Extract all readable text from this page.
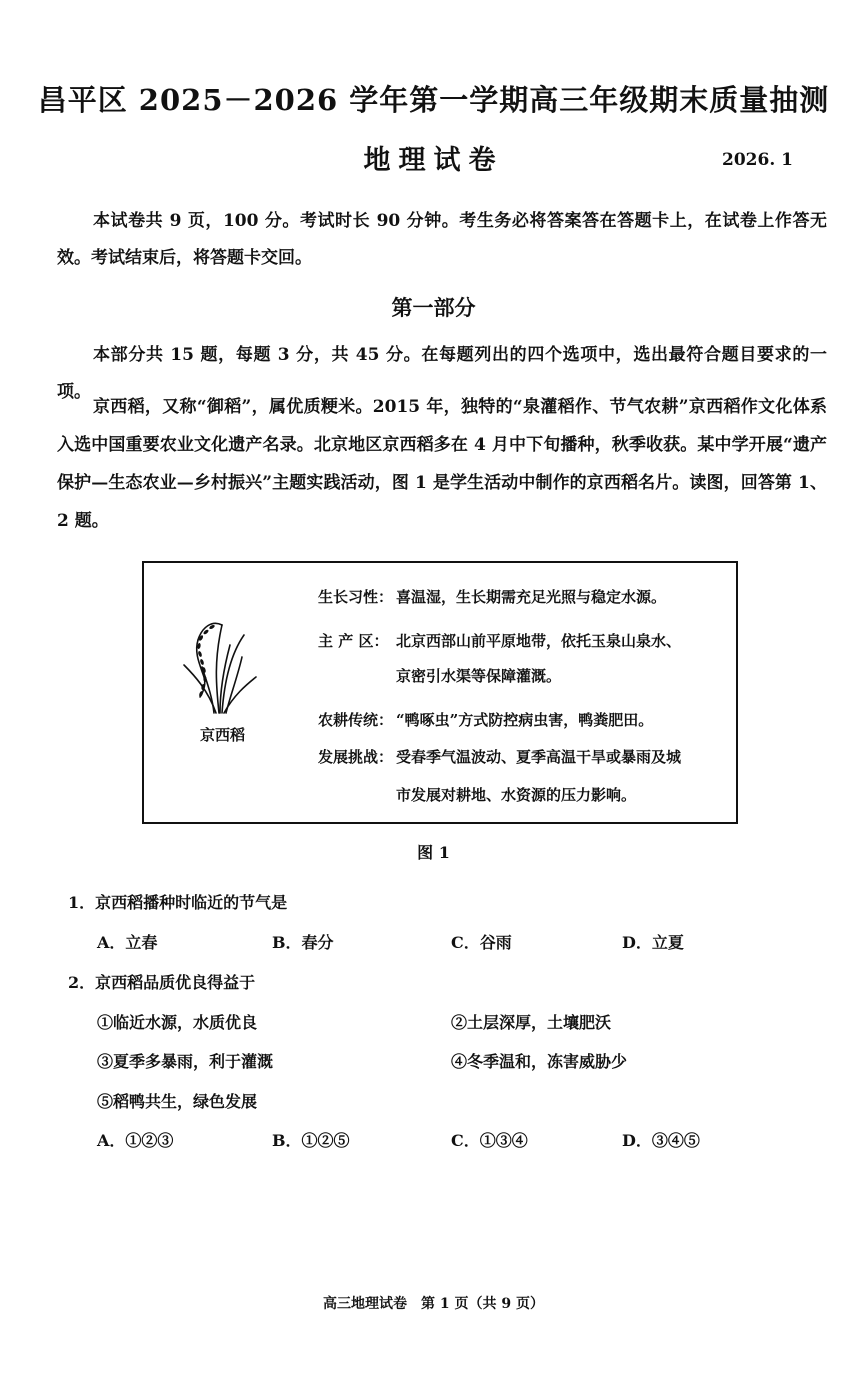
昌平区 2025－2026 学年第一学期高三年级期末质量抽测
地理试卷	2026. 1
本试卷共 9 页，100 分。考试时长 90 分钟。考生务必将答案答在答题卡上，在试卷上作答无效。考试结束后，将答题卡交回。
第一部分
本部分共 15 题，每题 3 分，共 45 分。在每题列出的四个选项中，选出最符合题目要求的一项。
京西稻，又称“御稻”，属优质粳米。2015 年，独特的“泉灌稻作、节气农耕”京西稻作文化体系入选中国重要农业文化遗产名录。北京地区京西稻多在 4 月中下旬播种，秋季收获。某中学开展“遗产保护—生态农业—乡村振兴”主题实践活动，图 1 是学生活动中制作的京西稻名片。读图，回答第 1、2 题。
京西稻
生长习性： 喜温湿，生长期需充足光照与稳定水源。
主 产 区： 北京西部山前平原地带，依托玉泉山泉水、
京密引水渠等保障灌溉。
农耕传统： “鸭啄虫”方式防控病虫害，鸭粪肥田。
发展挑战： 受春季气温波动、夏季高温干旱或暴雨及城
市发展对耕地、水资源的压力影响。
图 1
1．京西稻播种时临近的节气是
A．立春	B．春分	C．谷雨	D．立夏
2．京西稻品质优良得益于
①临近水源，水质优良	②土层深厚，土壤肥沃
③夏季多暴雨，利于灌溉	④冬季温和，冻害威胁少
⑤稻鸭共生，绿色发展
A．①②③	B．①②⑤	C．①③④	D．③④⑤
高三地理试卷　第 1 页（共 9 页）
